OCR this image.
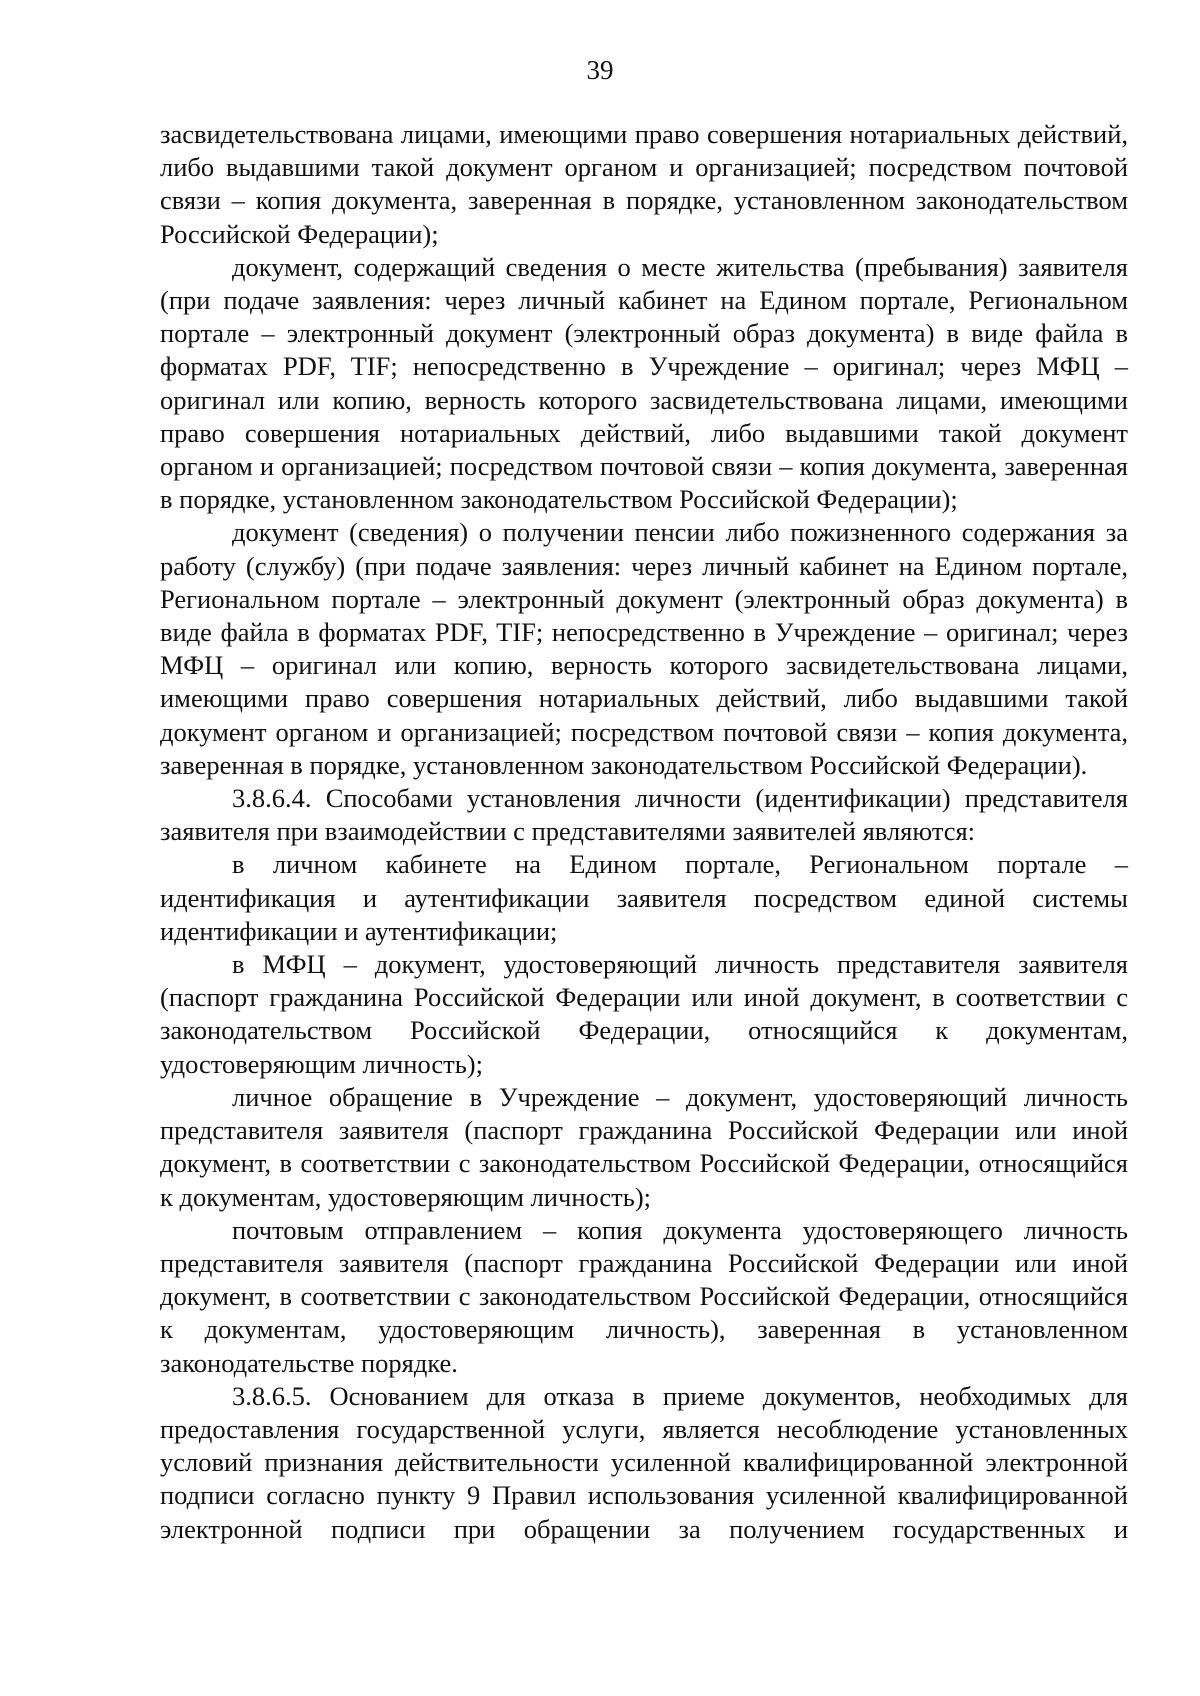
39

засвидетельствована лицами, имеющими право совершения нотариальных действий, либо выдавшими такой документ органом и организацией; посредством почтовой связи – копия документа, заверенная в порядке, установленном законодательством Российской Федерации);

документ, содержащий сведения о месте жительства (пребывания) заявителя (при подаче заявления: через личный кабинет на Едином портале, Региональном портале – электронный документ (электронный образ документа) в виде файла в форматах PDF, TIF; непосредственно в Учреждение – оригинал; через МФЦ – оригинал или копию, верность которого засвидетельствована лицами, имеющими право совершения нотариальных действий, либо выдавшими такой документ органом и организацией; посредством почтовой связи – копия документа, заверенная в порядке, установленном законодательством Российской Федерации);

документ (сведения) о получении пенсии либо пожизненного содержания за работу (службу) (при подаче заявления: через личный кабинет на Едином портале, Региональном портале – электронный документ (электронный образ документа) в виде файла в форматах PDF, TIF; непосредственно в Учреждение – оригинал; через МФЦ – оригинал или копию, верность которого засвидетельствована лицами, имеющими право совершения нотариальных действий, либо выдавшими такой документ органом и организацией; посредством почтовой связи – копия документа, заверенная в порядке, установленном законодательством Российской Федерации).

3.8.6.4. Способами установления личности (идентификации) представителя заявителя при взаимодействии с представителями заявителей являются:

в личном кабинете на Едином портале, Региональном портале – идентификация и аутентификации заявителя посредством единой системы идентификации и аутентификации;

в МФЦ – документ, удостоверяющий личность представителя заявителя (паспорт гражданина Российской Федерации или иной документ, в соответствии с законодательством Российской Федерации, относящийся к документам, удостоверяющим личность);

личное обращение в Учреждение – документ, удостоверяющий личность представителя заявителя (паспорт гражданина Российской Федерации или иной документ, в соответствии с законодательством Российской Федерации, относящийся к документам, удостоверяющим личность);

почтовым отправлением – копия документа удостоверяющего личность представителя заявителя (паспорт гражданина Российской Федерации или иной документ, в соответствии с законодательством Российской Федерации, относящийся к документам, удостоверяющим личность), заверенная в установленном законодательстве порядке.

3.8.6.5. Основанием для отказа в приеме документов, необходимых для предоставления государственной услуги, является несоблюдение установленных условий признания действительности усиленной квалифицированной электронной подписи согласно пункту 9 Правил использования усиленной квалифицированной электронной подписи при обращении за получением государственных и
